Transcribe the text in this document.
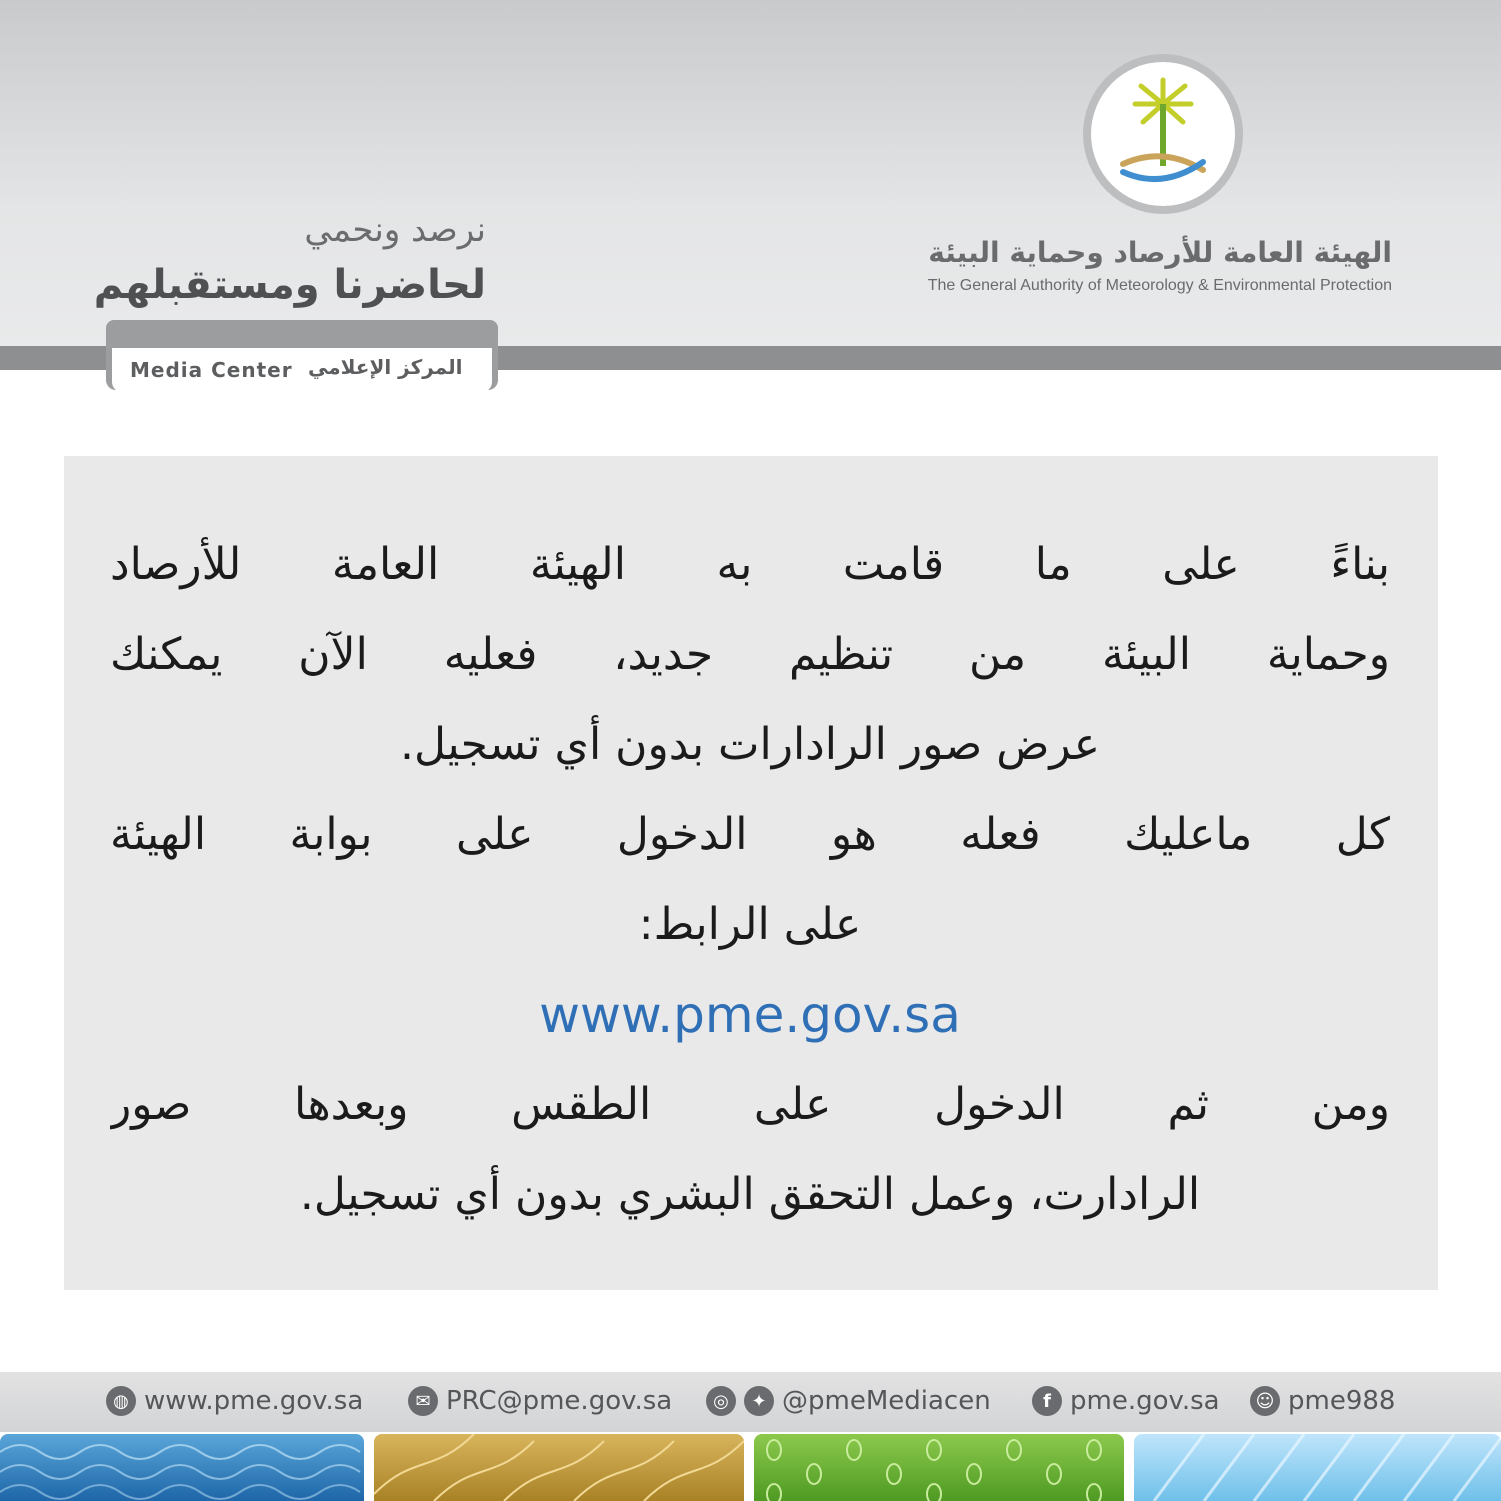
Media Center المركز الإعلامي
نرصد ونحمي
لحاضرنا ومستقبلهم
الهيئة العامة للأرصاد وحماية البيئة
The General Authority of Meteorology & Environmental Protection
بناءً على ما قامت به الهيئة العامة للأرصاد
وحماية البيئة من تنظيم جديد، فعليه الآن يمكنك
عرض صور الرادارات بدون أي تسجيل.
كل ماعليك فعله هو الدخول على بوابة الهيئة
على الرابط:
www.pme.gov.sa
ومن ثم الدخول على الطقس وبعدها صور
الرادارت، وعمل التحقق البشري بدون أي تسجيل.
◍ www.pme.gov.sa	✉ PRC@pme.gov.sa	◎	✦ @pmeMediacen	f pme.gov.sa	☺ pme988
